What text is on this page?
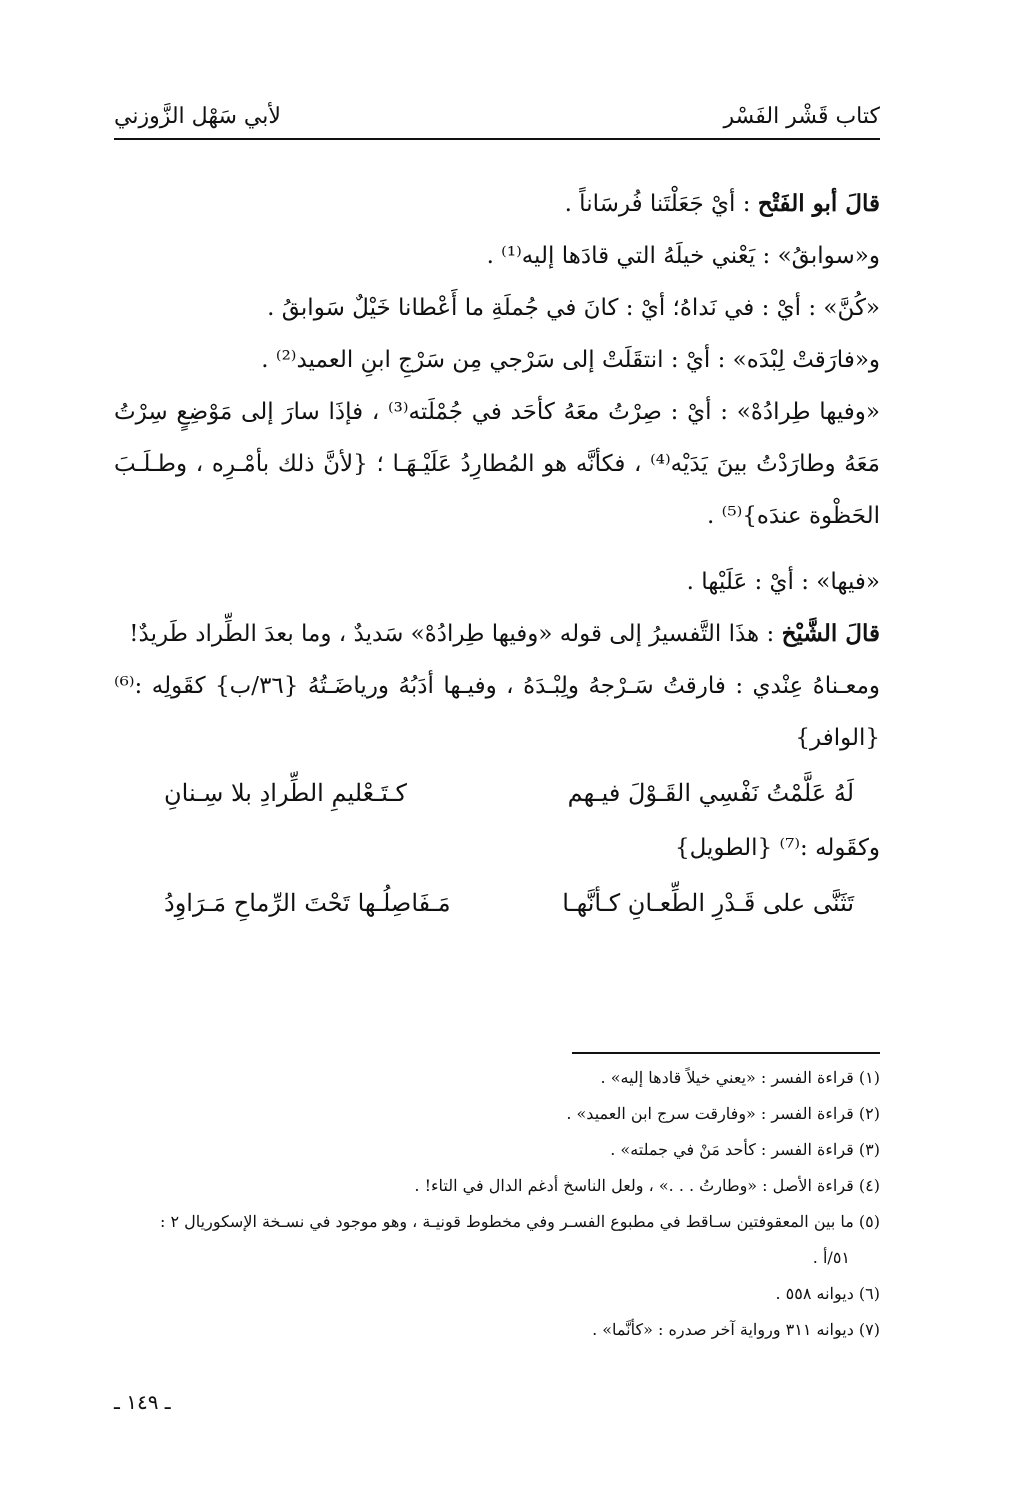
كتاب قَشْر الفَسْر
لأبي سَهْل الزَّوزني

قالَ أبو الفَتْح : أيْ جَعَلْتَنا فُرسَاناً .

و«سوابقُ» : يَعْني خيلَهُ التي قادَها إليه⁽¹⁾ .

«كُنَّ» : أيْ : في نَداهُ؛ أيْ : كانَ في جُملَةِ ما أَعْطانا خَيْلٌ سَوابقُ .

و«فارَقتْ لِبْدَه» : أيْ : انتقَلَتْ إلى سَرْجي مِن سَرْجِ ابنِ العميد⁽²⁾ .

«وفيها طِرادُهْ» : أيْ : صِرْتُ معَهُ كأحَد في جُمْلَته⁽³⁾ ، فإذَا سارَ إلى مَوْضِعٍ سِرْتُ مَعَهُ وطارَدْتُ بينَ يَدَيْه⁽⁴⁾ ، فكأنَّه هو المُطارِدُ عَلَيْـهَـا ؛ {لأنَّ ذلك بأمْـرِه ، وطـلَـبَ الحَظْوة عندَه}⁽⁵⁾ .

«فيها» : أيْ : عَلَيْها .

قالَ الشَّيْخ : هذَا التَّفسيرُ إلى قوله «وفيها طِرادُهْ» سَديدٌ ، وما بعدَ الطِّراد طَريدٌ!

ومعـناهُ عِنْدي : فارقتُ سَـرْجهُ ولِبْـدَهُ ، وفيـها أدَبُهُ ورياضَـتُهُ {٣٦/ب} كقَولِه :⁽⁶⁾ {الوافر}

لَهُ عَلَّمْتُ نَفْسِي القَـوْلَ فيـهم
كـتَـعْليمِ الطِّرادِ بلا سِـنانِ

وكقَوله :⁽⁷⁾ {الطويل}

تَثَنَّى على قَـدْرِ الطِّعـانِ كـأنَّهـا
مَـفَاصِلُـها تَحْتَ الرِّماحِ مَـرَاوِدُ

(١) قراءة الفسر : «يعني خيلاً قادها إليه» .

(٢) قراءة الفسر : «وفارقت سرج ابن العميد» .

(٣) قراءة الفسر : كأحد مَنْ في جملته» .

(٤) قراءة الأصل : «وطارتُ . . .» ، ولعل الناسخ أدغم الدال في التاء! .

(٥) ما بين المعقوفتين سـاقط في مطبوع الفسـر وفي مخطوط قونيـة ، وهو موجود في نسـخة الإسكوريال ٢ :
٥١/أ .

(٦) ديوانه ٥٥٨ .

(٧) ديوانه ٣١١ ورواية آخر صدره : «كأنَّما» .

ـ ١٤٩ ـ
